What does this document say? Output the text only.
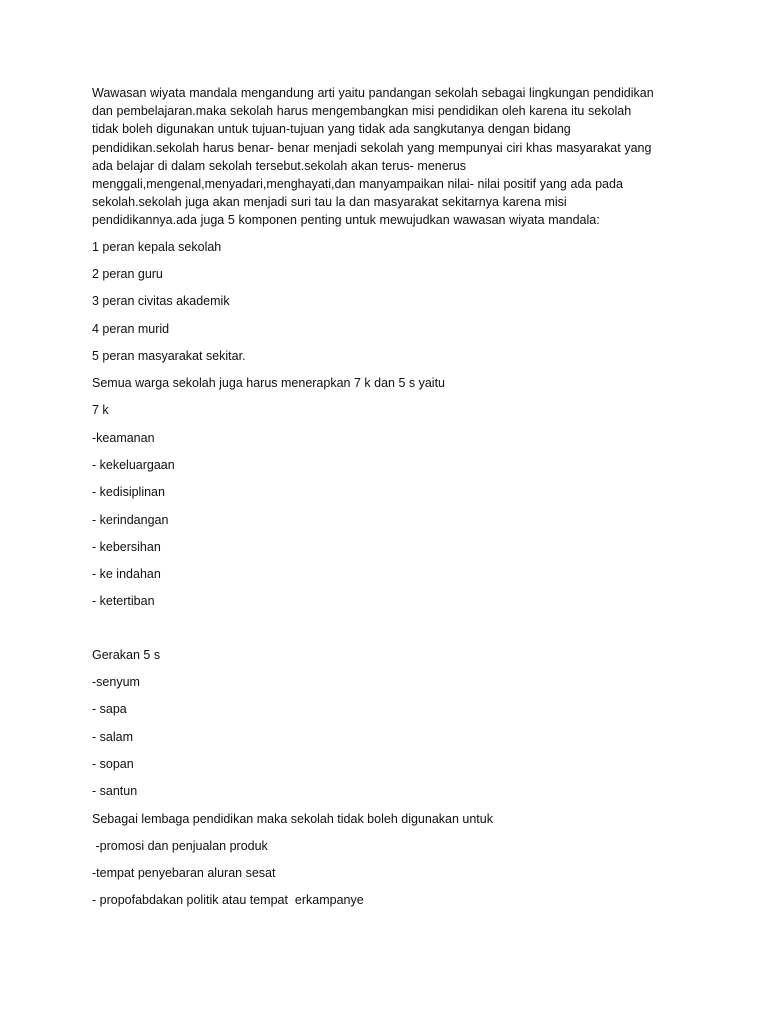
Wawasan wiyata mandala mengandung arti yaitu pandangan sekolah sebagai lingkungan pendidikan
dan pembelajaran.maka sekolah harus mengembangkan misi pendidikan oleh karena itu sekolah
tidak boleh digunakan untuk tujuan-tujuan yang tidak ada sangkutanya dengan bidang
pendidikan.sekolah harus benar- benar menjadi sekolah yang mempunyai ciri khas masyarakat yang
ada belajar di dalam sekolah tersebut.sekolah akan terus- menerus
menggali,mengenal,menyadari,menghayati,dan manyampaikan nilai- nilai positif yang ada pada
sekolah.sekolah juga akan menjadi suri tau la dan masyarakat sekitarnya karena misi
pendidikannya.ada juga 5 komponen penting untuk mewujudkan wawasan wiyata mandala:

1 peran kepala sekolah

2 peran guru

3 peran civitas akademik

4 peran murid

5 peran masyarakat sekitar.

Semua warga sekolah juga harus menerapkan 7 k dan 5 s yaitu

7 k

-keamanan

- kekeluargaan

- kedisiplinan

- kerindangan

- kebersihan

- ke indahan

- ketertiban

Gerakan 5 s

-senyum

- sapa

- salam

- sopan

- santun

Sebagai lembaga pendidikan maka sekolah tidak boleh digunakan untuk

-promosi dan penjualan produk

-tempat penyebaran aluran sesat

- propofabdakan politik atau tempat  erkampanye
